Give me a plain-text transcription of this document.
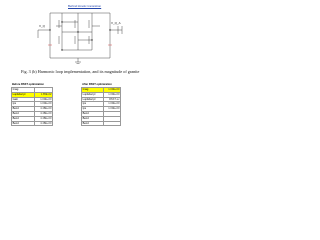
Behind kinetic transistion
V_Q_A
V_Q
Fig. 3 (b) Harmonic loop implementation, and its magnitude of granite
Before RSST optimization	
Imag	
Lupfelta Ipl	1.85E-02
Gain	1.00E+00
Ips	1.00E+00
Bend	4.48E+00
Bend	4.48E+00
Bend	4.48E+00
Bend	4.48E+00
After RSST optimization	
Imag	1.00E+00
Lupfelta Ipl	1.00E+00
Lupfelta Ipl	RSST ev
Ips	1.00E+00
Ips	1.00E+00
Bend	
Bend	
Bend	
